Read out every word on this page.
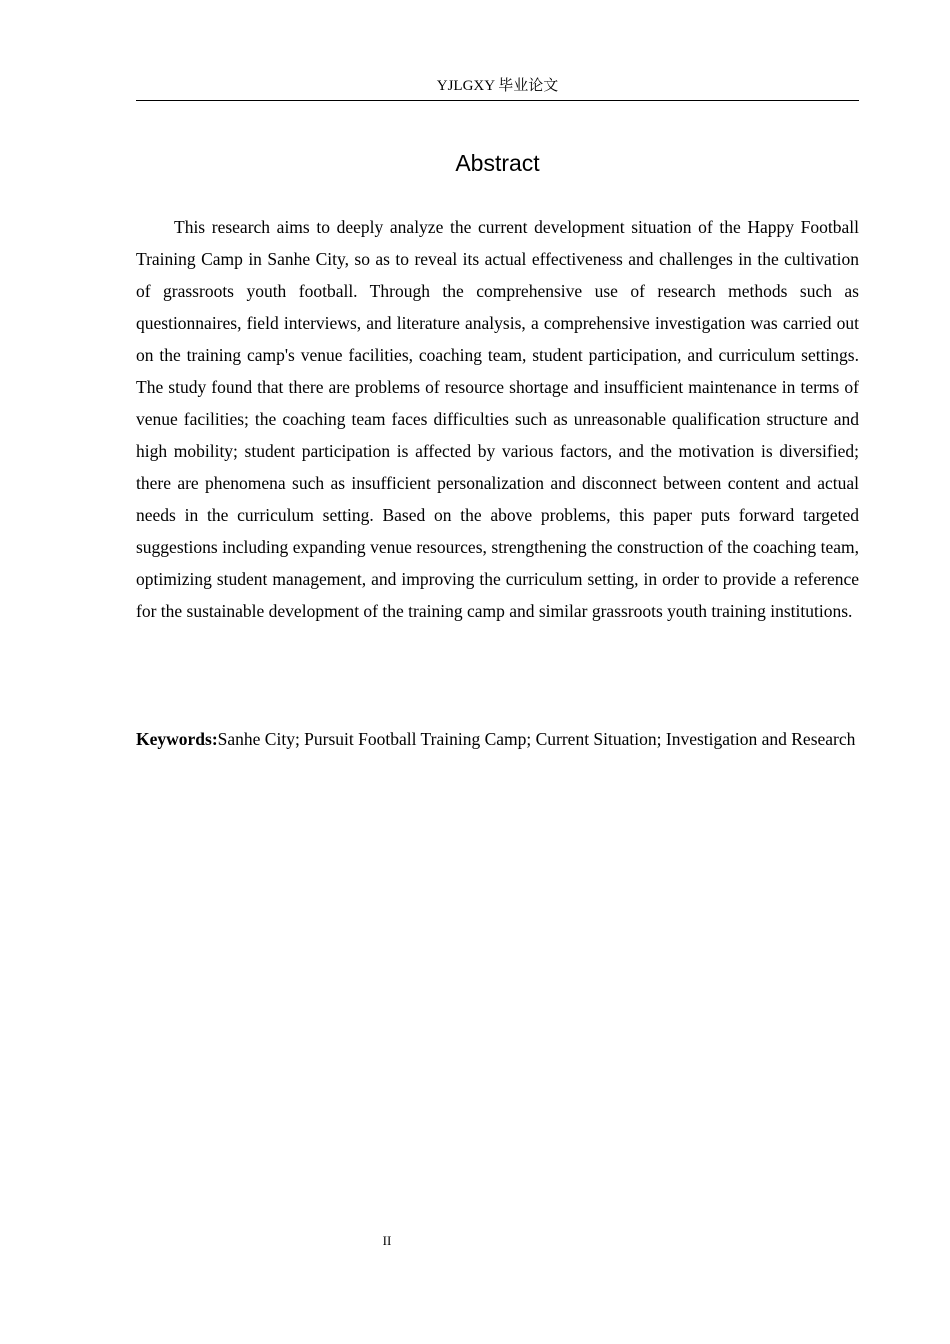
YJLGXY 毕业论文
Abstract

This research aims to deeply analyze the current development situation of the Happy Football Training Camp in Sanhe City, so as to reveal its actual effectiveness and challenges in the cultivation of grassroots youth football. Through the comprehensive use of research methods such as questionnaires, field interviews, and literature analysis, a comprehensive investigation was carried out on the training camp's venue facilities, coaching team, student participation, and curriculum settings. The study found that there are problems of resource shortage and insufficient maintenance in terms of venue facilities; the coaching team faces difficulties such as unreasonable qualification structure and high mobility; student participation is affected by various factors, and the motivation is diversified; there are phenomena such as insufficient personalization and disconnect between content and actual needs in the curriculum setting. Based on the above problems, this paper puts forward targeted suggestions including expanding venue resources, strengthening the construction of the coaching team, optimizing student management, and improving the curriculum setting, in order to provide a reference for the sustainable development of the training camp and similar grassroots youth training institutions.

Keywords:Sanhe City; Pursuit Football Training Camp; Current Situation; Investigation and Research

II
